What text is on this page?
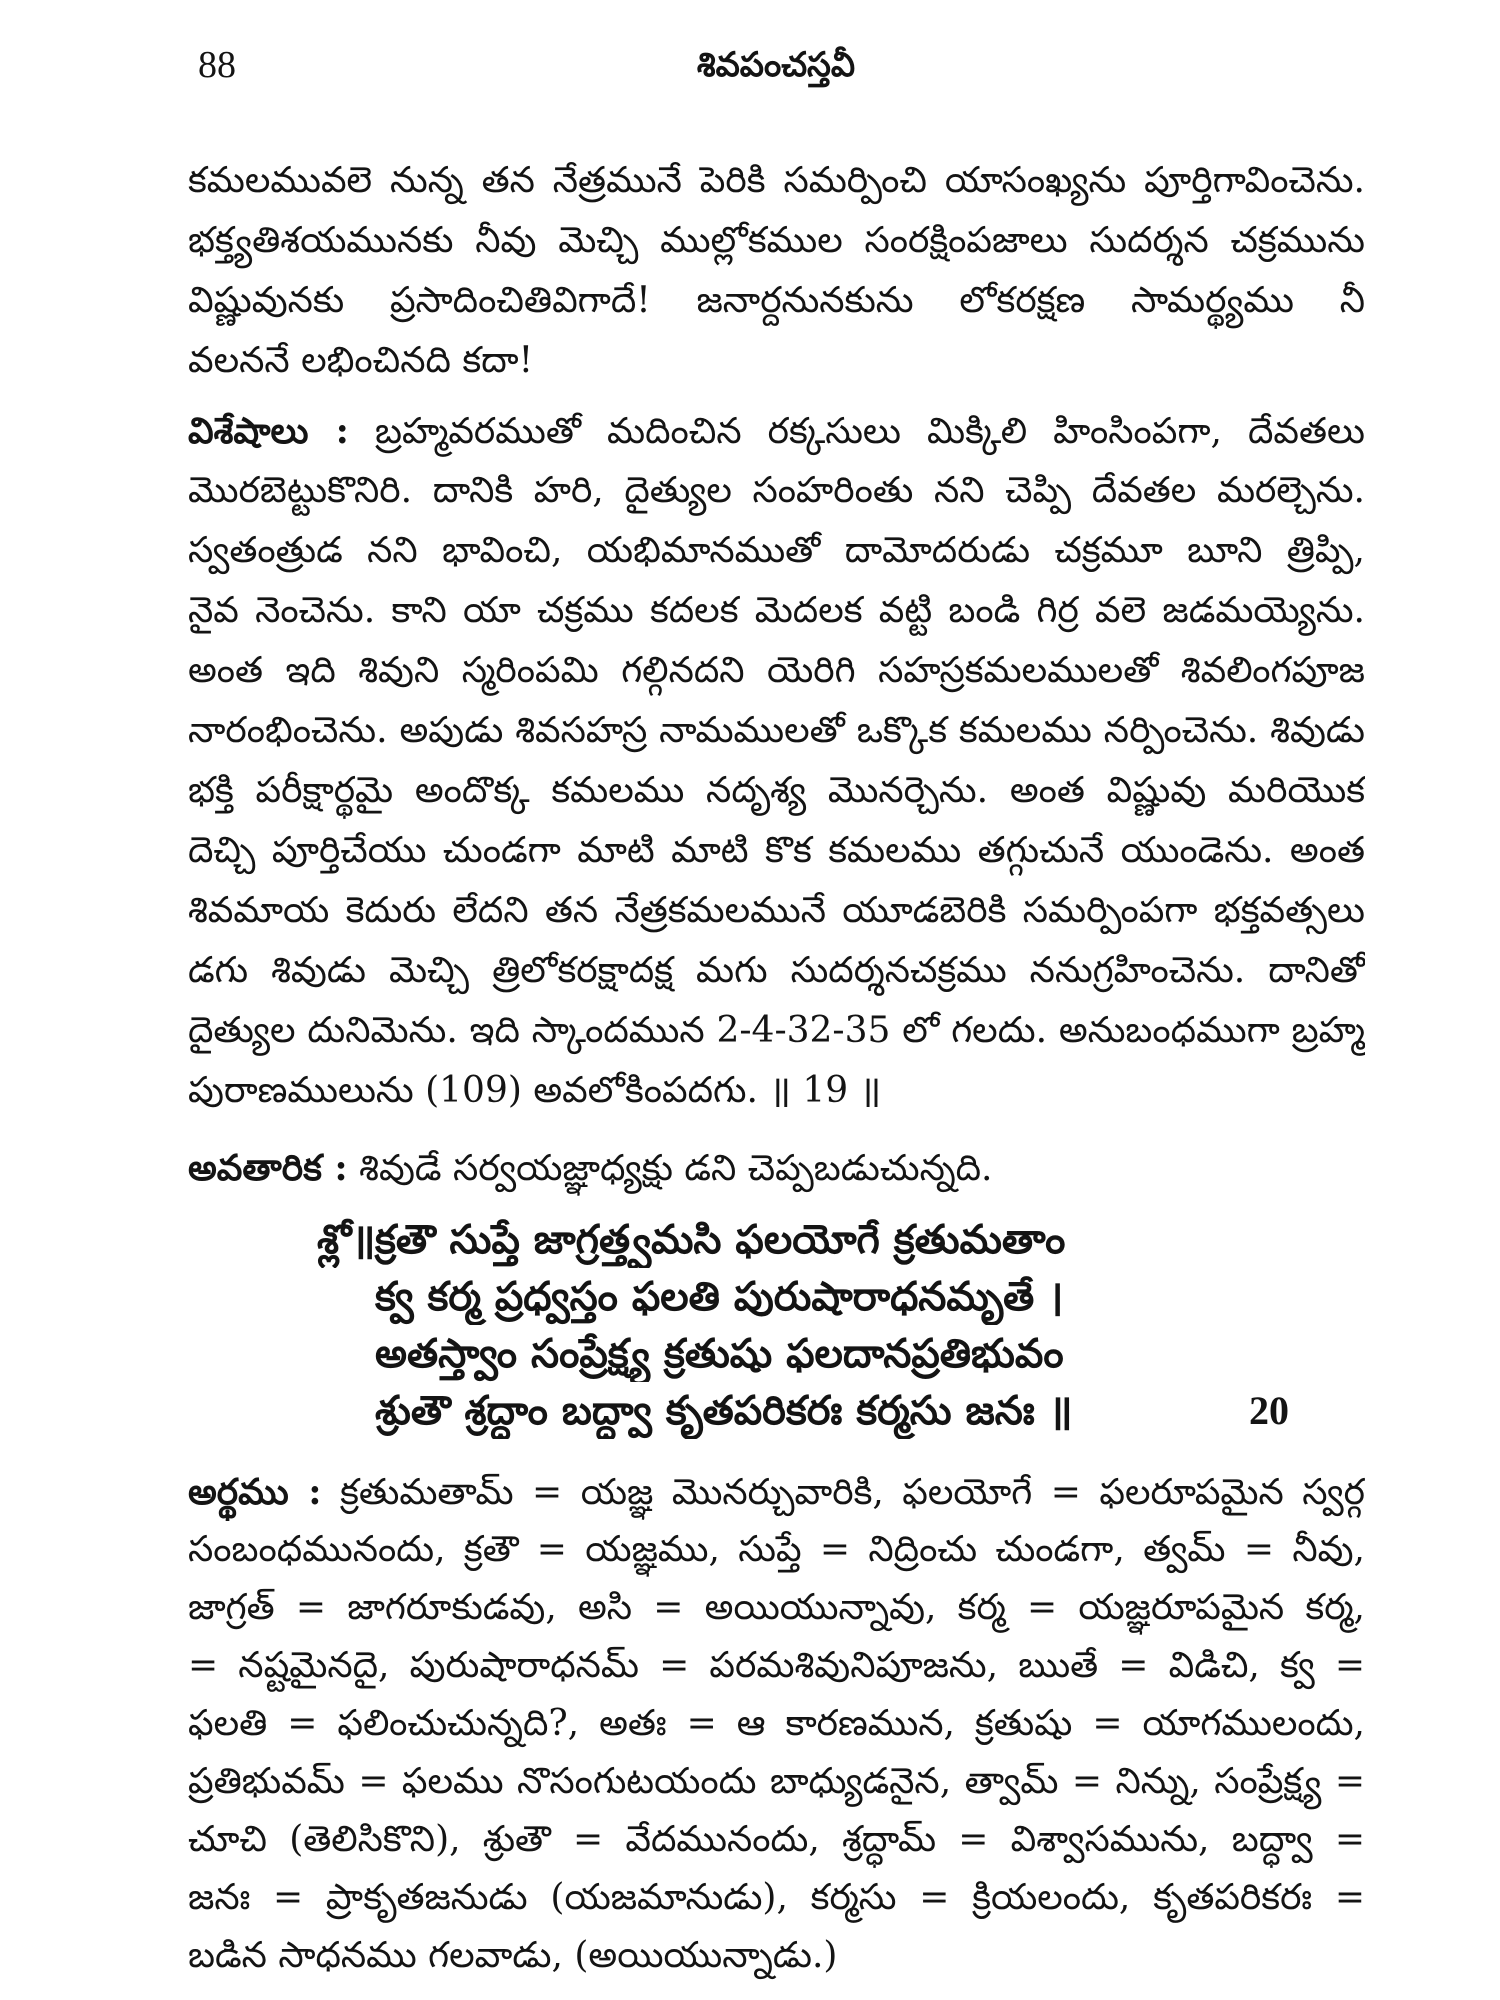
88	శివపంచస్తవీ
కమలమువలె నున్న తన నేత్రమునే పెరికి సమర్పించి యాసంఖ్యను పూర్తిగావించెను.
భక్త్యతిశయమునకు నీవు మెచ్చి ముల్లోకముల సంరక్షింపజాలు సుదర్శన చక్రమును
విష్ణువునకు ప్రసాదించితివిగాదే! జనార్దనునకును లోకరక్షణ సామర్థ్యము నీ
వలననే లభించినది కదా!
విశేషాలు : బ్రహ్మవరముతో మదించిన రక్కసులు మిక్కిలి హింసింపగా, దేవతలు
మొరబెట్టుకొనిరి. దానికి హరి, దైత్యుల సంహరింతు నని చెప్పి దేవతల మరల్చెను.
స్వతంత్రుడ నని భావించి, యభిమానముతో దామోదరుడు చక్రమూ బూని త్రిప్పి,
నైవ నెంచెను. కాని యా చక్రము కదలక మెదలక వట్టి బండి గిర్ర వలె జడమయ్యెను.
అంత ఇది శివుని స్మరింపమి గల్గినదని యెరిగి సహస్రకమలములతో శివలింగపూజ
నారంభించెను. అపుడు శివసహస్ర నామములతో ఒక్కొక కమలము నర్పించెను. శివుడు
భక్తి పరీక్షార్థమై అందొక్క కమలము నదృశ్య మొనర్చెను. అంత విష్ణువు మరియొక
దెచ్చి పూర్తిచేయు చుండగా మాటి మాటి కొక కమలము తగ్గుచునే యుండెను. అంత
శివమాయ కెదురు లేదని తన నేత్రకమలమునే యూడబెరికి సమర్పింపగా భక్తవత్సలు
డగు శివుడు మెచ్చి త్రిలోకరక్షాదక్ష మగు సుదర్శనచక్రము ననుగ్రహించెను. దానితో
దైత్యుల దునిమెను. ఇది స్కాందమున 2-4-32-35 లో గలదు. అనుబంధముగా బ్రహ్మ
పురాణములును (109) అవలోకింపదగు. ॥ 19 ॥
అవతారిక : శివుడే సర్వయజ్ఞాధ్యక్షు డని చెప్పబడుచున్నది.
శ్లో॥క్రతౌ సుప్తే జాగ్రత్త్వమసి ఫలయోగే క్రతుమతాం
క్వ కర్మ ప్రధ్వస్తం ఫలతి పురుషారాధనమృతే ।
అతస్త్వాం సంప్రేక్ష్య క్రతుషు ఫలదానప్రతిభువం
శ్రుతౌ శ్రద్ధాం బద్ధ్వా కృతపరికరః కర్మసు జనః ॥	20
అర్థము : క్రతుమతామ్ = యజ్ఞ మొనర్చువారికి, ఫలయోగే = ఫలరూపమైన స్వర్గ
సంబంధమునందు, క్రతౌ = యజ్ఞము, సుప్తే = నిద్రించు చుండగా, త్వమ్ = నీవు,
జాగ్రత్ = జాగరూకుడవు, అసి = అయియున్నావు, కర్మ = యజ్ఞరూపమైన కర్మ,
= నష్టమైనదై, పురుషారాధనమ్ = పరమశివునిపూజను, ఋతే = విడిచి, క్వ =
ఫలతి = ఫలించుచున్నది?, అతః = ఆ కారణమున, క్రతుషు = యాగములందు,
ప్రతిభువమ్ = ఫలము నొసంగుటయందు బాధ్యుడనైన, త్వామ్ = నిన్ను, సంప్రేక్ష్య =
చూచి (తెలిసికొని), శ్రుతౌ = వేదమునందు, శ్రద్ధామ్ = విశ్వాసమును, బద్ధ్వా =
జనః = ప్రాకృతజనుడు (యజమానుడు), కర్మసు = క్రియలందు, కృతపరికరః =
బడిన సాధనము గలవాడు, (అయియున్నాడు.)
